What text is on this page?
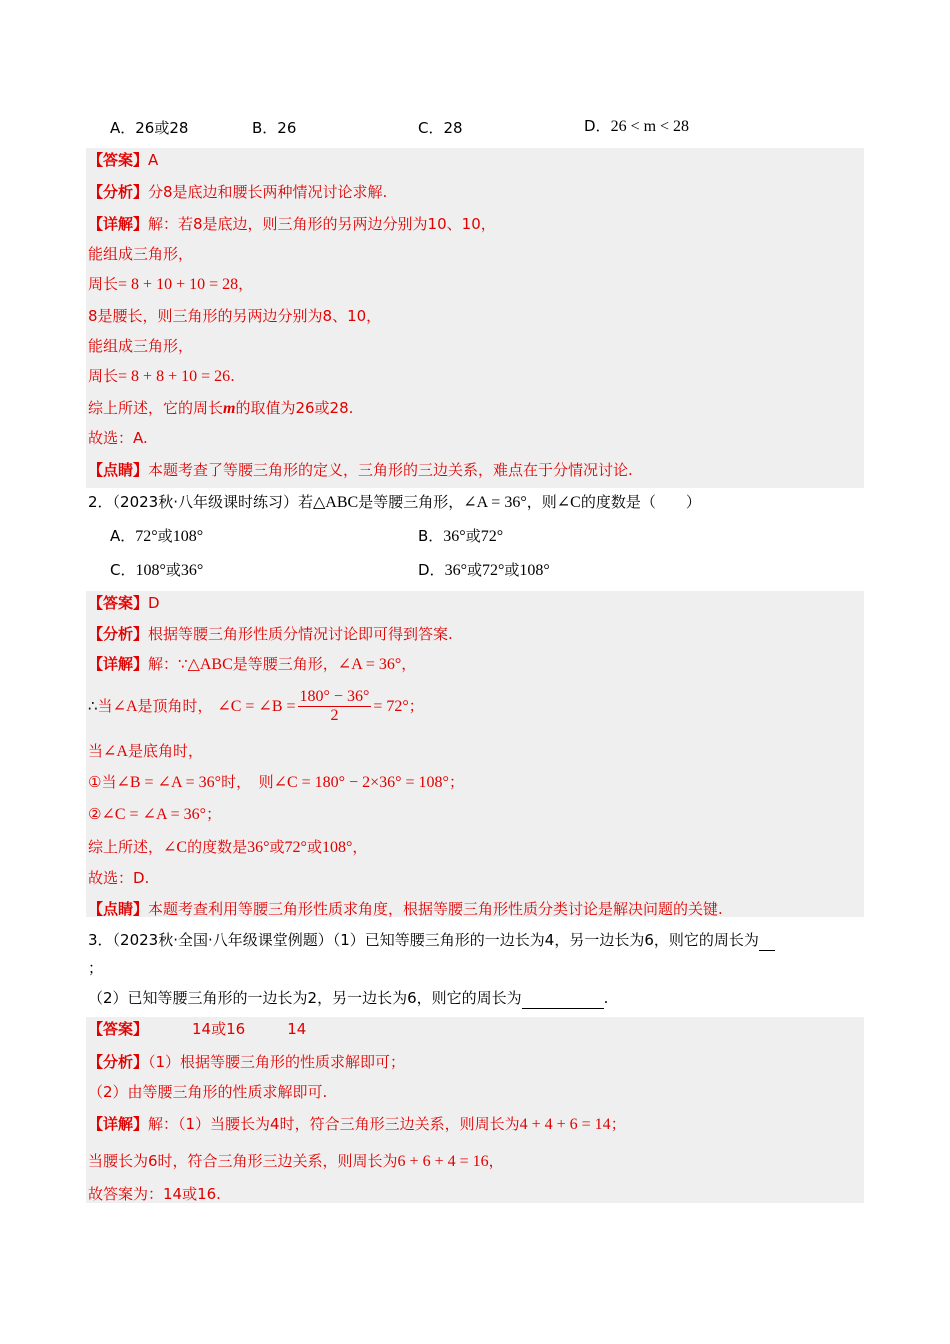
A．26或28	B．26	C．28	D．26 < m < 28
【答案】A
【分析】分8是底边和腰长两种情况讨论求解.
【详解】解：若8是底边，则三角形的另两边分别为10、10，
能组成三角形，
周长= 8 + 10 + 10 = 28，
8是腰长，则三角形的另两边分别为8、10，
能组成三角形，
周长= 8 + 8 + 10 = 26.
综上所述，它的周长m的取值为26或28.
故选：A.
【点睛】本题考查了等腰三角形的定义，三角形的三边关系，难点在于分情况讨论.
2．（2023秋·八年级课时练习）若△ABC是等腰三角形，∠A = 36°，则∠C的度数是（　　）
A．72°或108°	B．36°或72°
C．108°或36°	D．36°或72°或108°
【答案】D
【分析】根据等腰三角形性质分情况讨论即可得到答案.
【详解】解：∵△ABC是等腰三角形，∠A = 36°，
∴当∠A是顶角时， ∠C = ∠B = $\frac{180^\circ - 36^\circ}{2} = 72^\circ$；
当∠A是底角时，
①当∠B = ∠A = 36°时，　则∠C = 180° − 2×36° = 108°；
②∠C = ∠A = 36°；
综上所述，∠C的度数是36°或72°或108°，
故选：D.
【点睛】本题考查利用等腰三角形性质求角度，根据等腰三角形性质分类讨论是解决问题的关键.
3．（2023秋·全国·八年级课堂例题）（1）已知等腰三角形的一边长为4，另一边长为6，则它的周长为
；
（2）已知等腰三角形的一边长为2，另一边长为6，则它的周长为	.
【答案】	14或16	14
【分析】（1）根据等腰三角形的性质求解即可；
（2）由等腰三角形的性质求解即可.
【详解】解：（1）当腰长为4时，符合三角形三边关系，则周长为4 + 4 + 6 = 14；
当腰长为6时，符合三角形三边关系，则周长为6 + 6 + 4 = 16，
故答案为：14或16.
